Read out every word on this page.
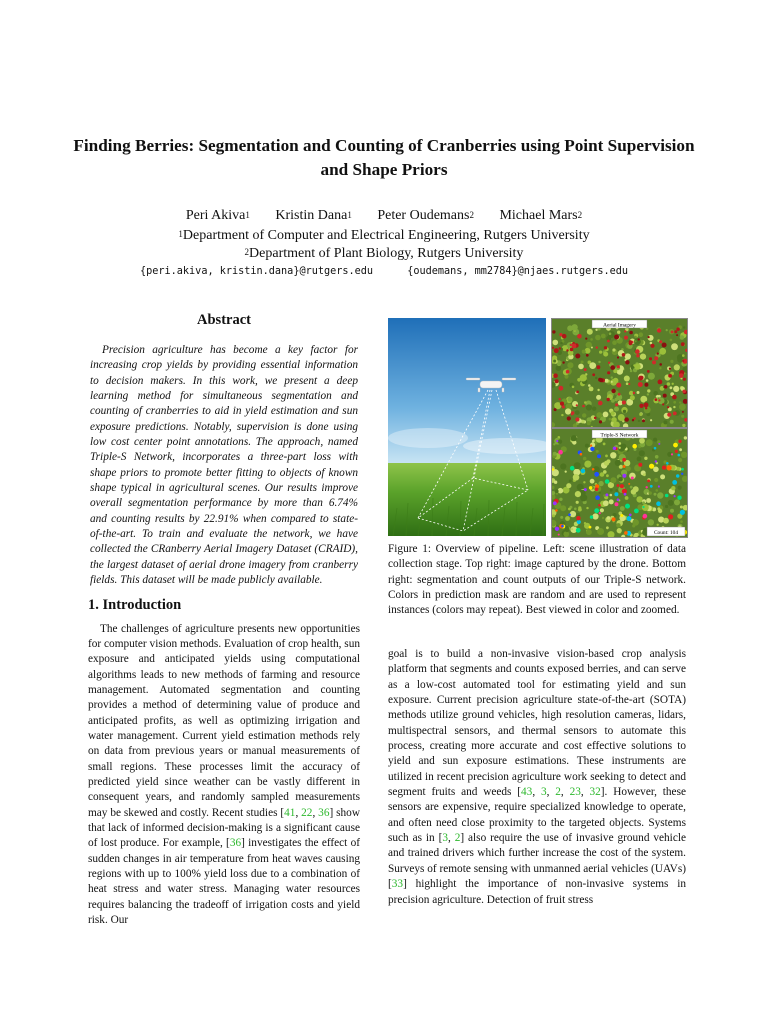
Finding Berries: Segmentation and Counting of Cranberries using Point Supervision and Shape Priors
Peri Akiva$^1$ Kristin Dana$^1$ Peter Oudemans$^2$ Michael Mars$^2$
$^1$Department of Computer and Electrical Engineering, Rutgers University
$^2$Department of Plant Biology, Rutgers University
{peri.akiva, kristin.dana}@rutgers.edu	{oudemans, mm2784}@njaes.rutgers.edu
Abstract

Precision agriculture has become a key factor for increasing crop yields by providing essential information to decision makers. In this work, we present a deep learning method for simultaneous segmentation and counting of cranberries to aid in yield estimation and sun exposure predictions. Notably, supervision is done using low cost center point annotations. The approach, named Triple-S Network, incorporates a three-part loss with shape priors to promote better fitting to objects of known shape typical in agricultural scenes. Our results improve overall segmentation performance by more than 6.74% and counting results by 22.91% when compared to state-of-the-art. To train and evaluate the network, we have collected the CRanberry Aerial Imagery Dataset (CRAID), the largest dataset of aerial drone imagery from cranberry fields. This dataset will be made publicly available.

1. Introduction

The challenges of agriculture presents new opportunities for computer vision methods. Evaluation of crop health, sun exposure and anticipated yields using computational algorithms leads to new methods of farming and resource management. Automated segmentation and counting provides a method of determining value of produce and anticipated profits, as well as optimizing irrigation and water management. Current yield estimation methods rely on data from previous years or manual measurements of small regions. These processes limit the accuracy of predicted yield since weather can be vastly different in consequent years, and randomly sampled measurements may be skewed and costly. Recent studies [41, 22, 36] show that lack of informed decision-making is a significant cause of lost produce. For example, [36] investigates the effect of sudden changes in air temperature from heat waves causing regions with up to 100% yield loss due to a combination of heat stress and water stress. Managing water resources requires balancing the tradeoff of irrigation costs and yield risk. Our

Aerial Imagery
Triple-S Network
Count: 104
Figure 1: Overview of pipeline. Left: scene illustration of data collection stage. Top right: image captured by the drone. Bottom right: segmentation and count outputs of our Triple-S network. Colors in prediction mask are random and are used to represent instances (colors may repeat). Best viewed in color and zoomed.

goal is to build a non-invasive vision-based crop analysis platform that segments and counts exposed berries, and can serve as a low-cost automated tool for estimating yield and sun exposure. Current precision agriculture state-of-the-art (SOTA) methods utilize ground vehicles, high resolution cameras, lidars, multispectral sensors, and thermal sensors to automate this process, creating more accurate and cost effective solutions to yield and sun exposure estimations. These instruments are utilized in recent precision agriculture work seeking to detect and segment fruits and weeds [43, 3, 2, 23, 32]. However, these sensors are expensive, require specialized knowledge to operate, and often need close proximity to the targeted objects. Systems such as in [3, 2] also require the use of invasive ground vehicle and trained drivers which further increase the cost of the system. Surveys of remote sensing with unmanned aerial vehicles (UAVs) [33] highlight the importance of non-invasive systems in precision agriculture. Detection of fruit stress
